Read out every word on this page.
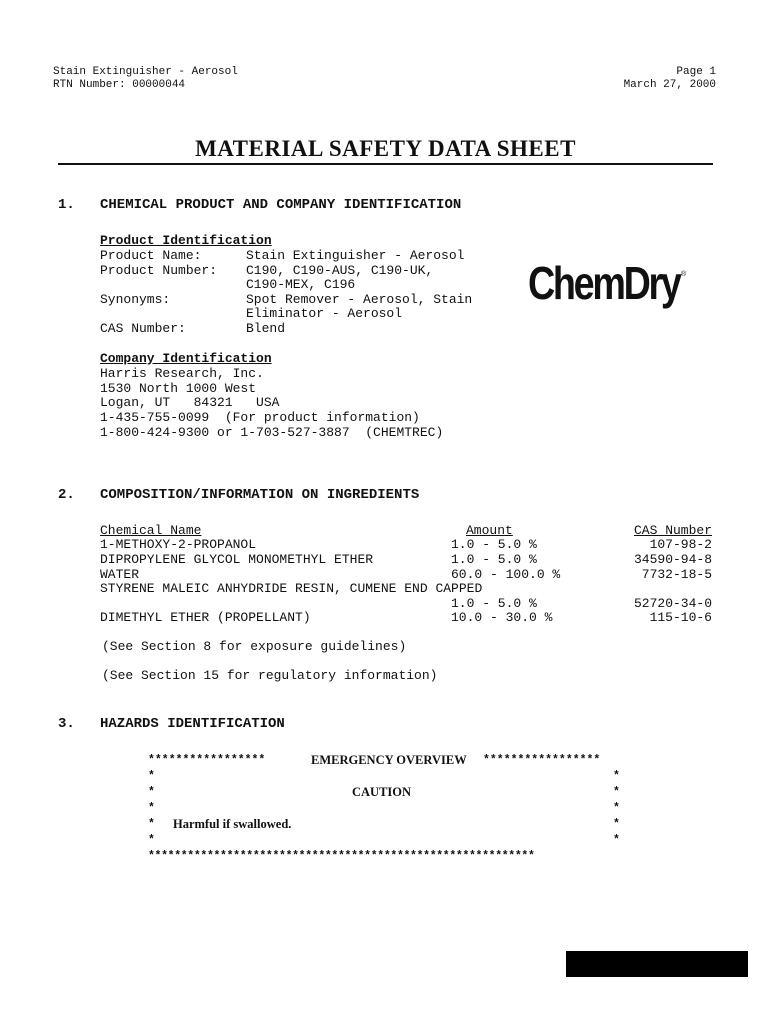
Stain Extinguisher - Aerosol
RTN Number: 00000044
Page 1
March 27, 2000
MATERIAL SAFETY DATA SHEET
1. CHEMICAL PRODUCT AND COMPANY IDENTIFICATION
Product Identification
Product Name:	Stain Extinguisher - Aerosol
Product Number: C190, C190-AUS, C190-UK,
C190-MEX, C196
Synonyms:	Spot Remover - Aerosol, Stain
Eliminator - Aerosol
CAS Number:	Blend
ChemDry ®
Company Identification
Harris Research, Inc.
1530 North 1000 West
Logan, UT   84321   USA
1-435-755-0099  (For product information)
1-800-424-9300 or 1-703-527-3887  (CHEMTREC)
2. COMPOSITION/INFORMATION ON INGREDIENTS
Chemical Name	Amount	CAS Number
1-METHOXY-2-PROPANOL	1.0 - 5.0 %	107-98-2
DIPROPYLENE GLYCOL MONOMETHYL ETHER	1.0 - 5.0 %	34590-94-8
WATER	60.0 - 100.0 %	7732-18-5
STYRENE MALEIC ANHYDRIDE RESIN, CUMENE END CAPPED
1.0 - 5.0 %	52720-34-0
DIMETHYL ETHER (PROPELLANT)	10.0 - 30.0 %	115-10-6
(See Section 8 for exposure guidelines)
(See Section 15 for regulatory information)
3. HAZARDS IDENTIFICATION
*****************	EMERGENCY OVERVIEW *****************
*	*
*	CAUTION	*
*	*
* Harmful if swallowed.	*
*	*
***********************************************************
